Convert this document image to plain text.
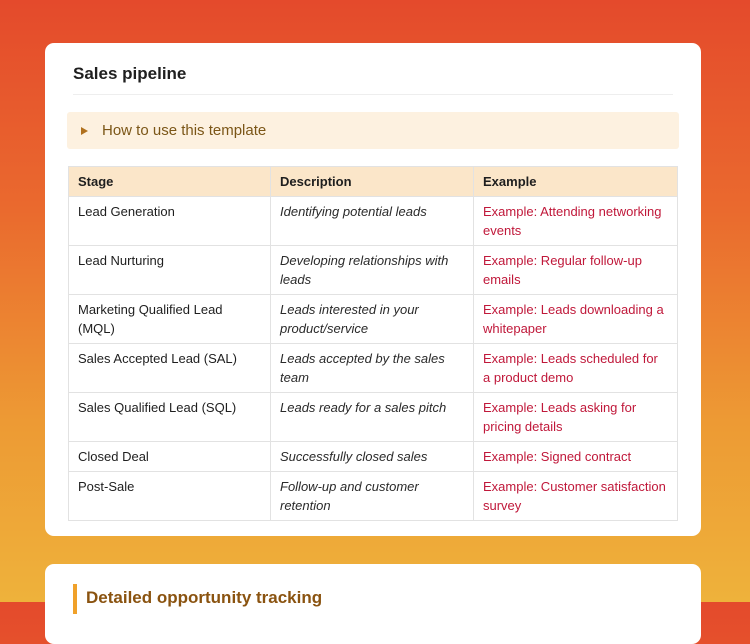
Sales pipeline
How to use this template
Stage	Description	Example
Lead Generation	Identifying potential leads	Example: Attending networking events
Lead Nurturing	Developing relationships with leads	Example: Regular follow-up emails
Marketing Qualified Lead (MQL)	Leads interested in your product/service	Example: Leads downloading a whitepaper
Sales Accepted Lead (SAL)	Leads accepted by the sales team	Example: Leads scheduled for a product demo
Sales Qualified Lead (SQL)	Leads ready for a sales pitch	Example: Leads asking for pricing details
Closed Deal	Successfully closed sales	Example: Signed contract
Post-Sale	Follow-up and customer retention	Example: Customer satisfaction survey
Detailed opportunity tracking
